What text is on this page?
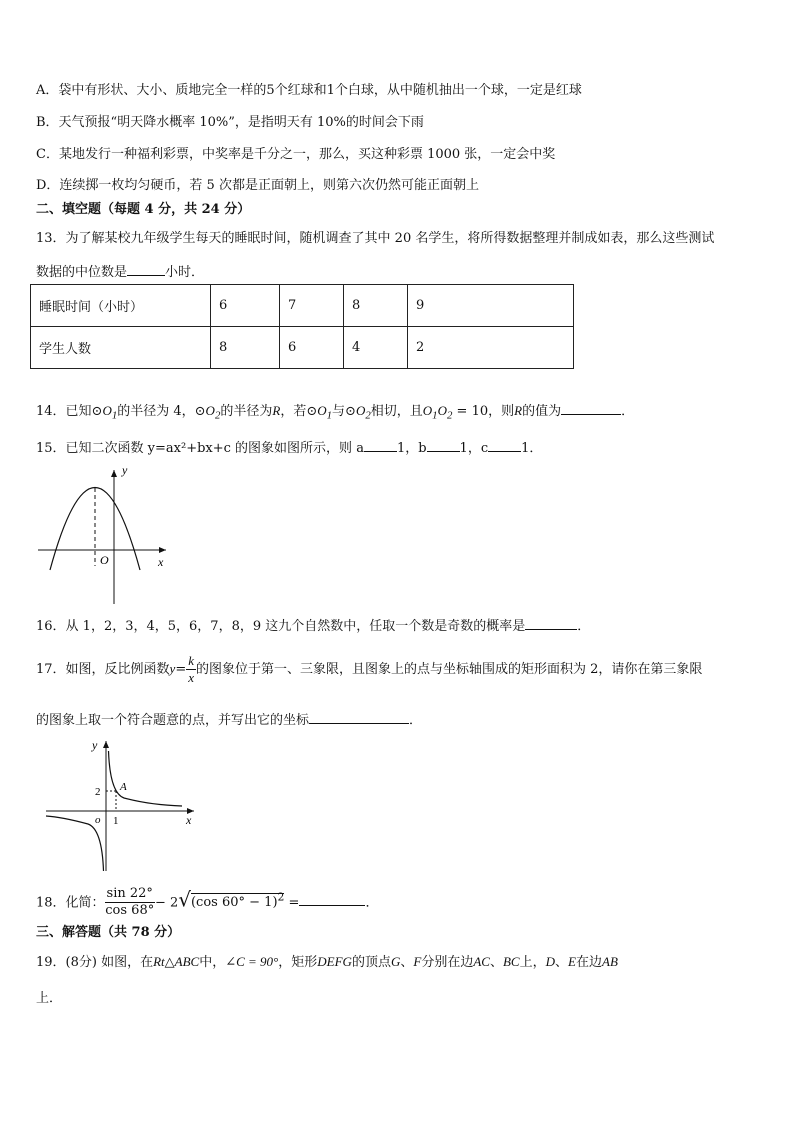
A．袋中有形状、大小、质地完全一样的5个红球和1个白球，从中随机抽出一个球，一定是红球
B．天气预报“明天降水概率 10%”，是指明天有 10%的时间会下雨
C．某地发行一种福利彩票，中奖率是千分之一，那么，买这种彩票 1000 张，一定会中奖
D．连续掷一枚均匀硬币，若 5 次都是正面朝上，则第六次仍然可能正面朝上
二、填空题（每题 4 分，共 24 分）
13．为了解某校九年级学生每天的睡眠时间，随机调查了其中 20 名学生，将所得数据整理并制成如表，那么这些测试
数据的中位数是	小时．
睡眠时间（小时）	6	7	8	9
学生人数	8	6	4	2
14．已知$⊙O_1$的半径为 4，$⊙O_2$的半径为R，若$⊙O_1$与$⊙O_2$相切，且$O_1O_2 = 10$，则R的值为	．
15．已知二次函数 y=ax²+bx+c 的图象如图所示，则 a	1，b	1，c	1．
y
x
O
16．从 1，2，3，4，5，6，7，8，9 这九个自然数中，任取一个数是奇数的概率是	．
17．如图，反比例函数$y= \frac{k}{x}$ 的图象位于第一、三象限，且图象上的点与坐标轴围成的矩形面积为 2，请你在第三象限
的图象上取一个符合题意的点，并写出它的坐标	．
y
x
o 1
2 A
18．化简： $\frac{\sin 22^\circ}{\cos 68^\circ} - 2√(\cos$ 60° − 1)$^2$ =	．
三、解答题（共 78 分）
19．(8分) 如图，在Rt△ABC中，∠C = 90°，矩形DEFG的顶点G、F分别在边AC、BC上，D、E在边AB
上．
